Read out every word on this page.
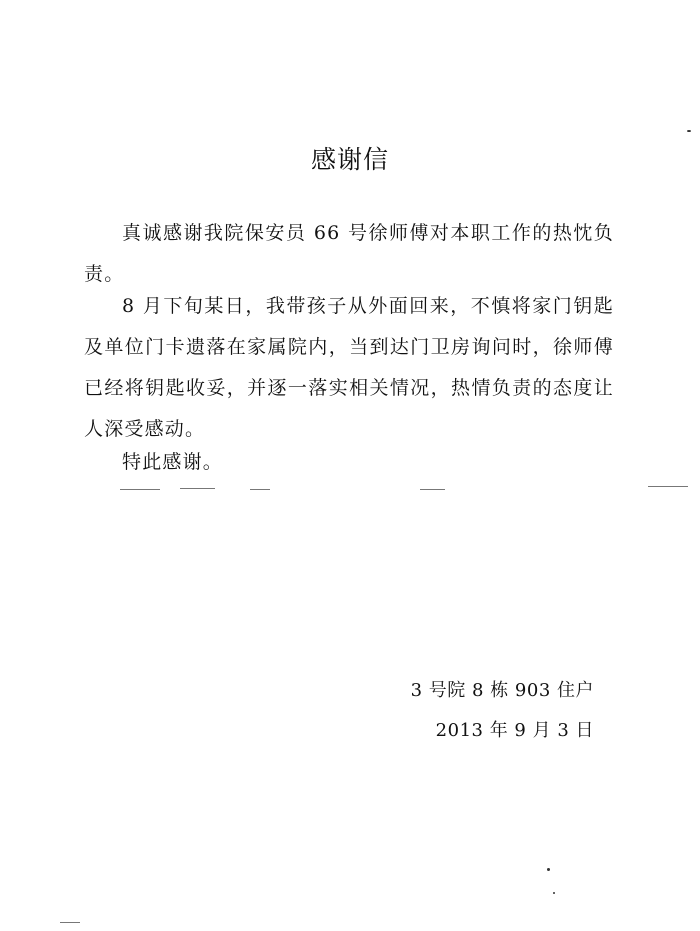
感谢信

真诚感谢我院保安员 66 号徐师傅对本职工作的热忱负责。

8 月下旬某日，我带孩子从外面回来，不慎将家门钥匙及单位门卡遗落在家属院内，当到达门卫房询问时，徐师傅已经将钥匙收妥，并逐一落实相关情况，热情负责的态度让人深受感动。

特此感谢。

3 号院 8 栋 903 住户
2013 年 9 月 3 日
